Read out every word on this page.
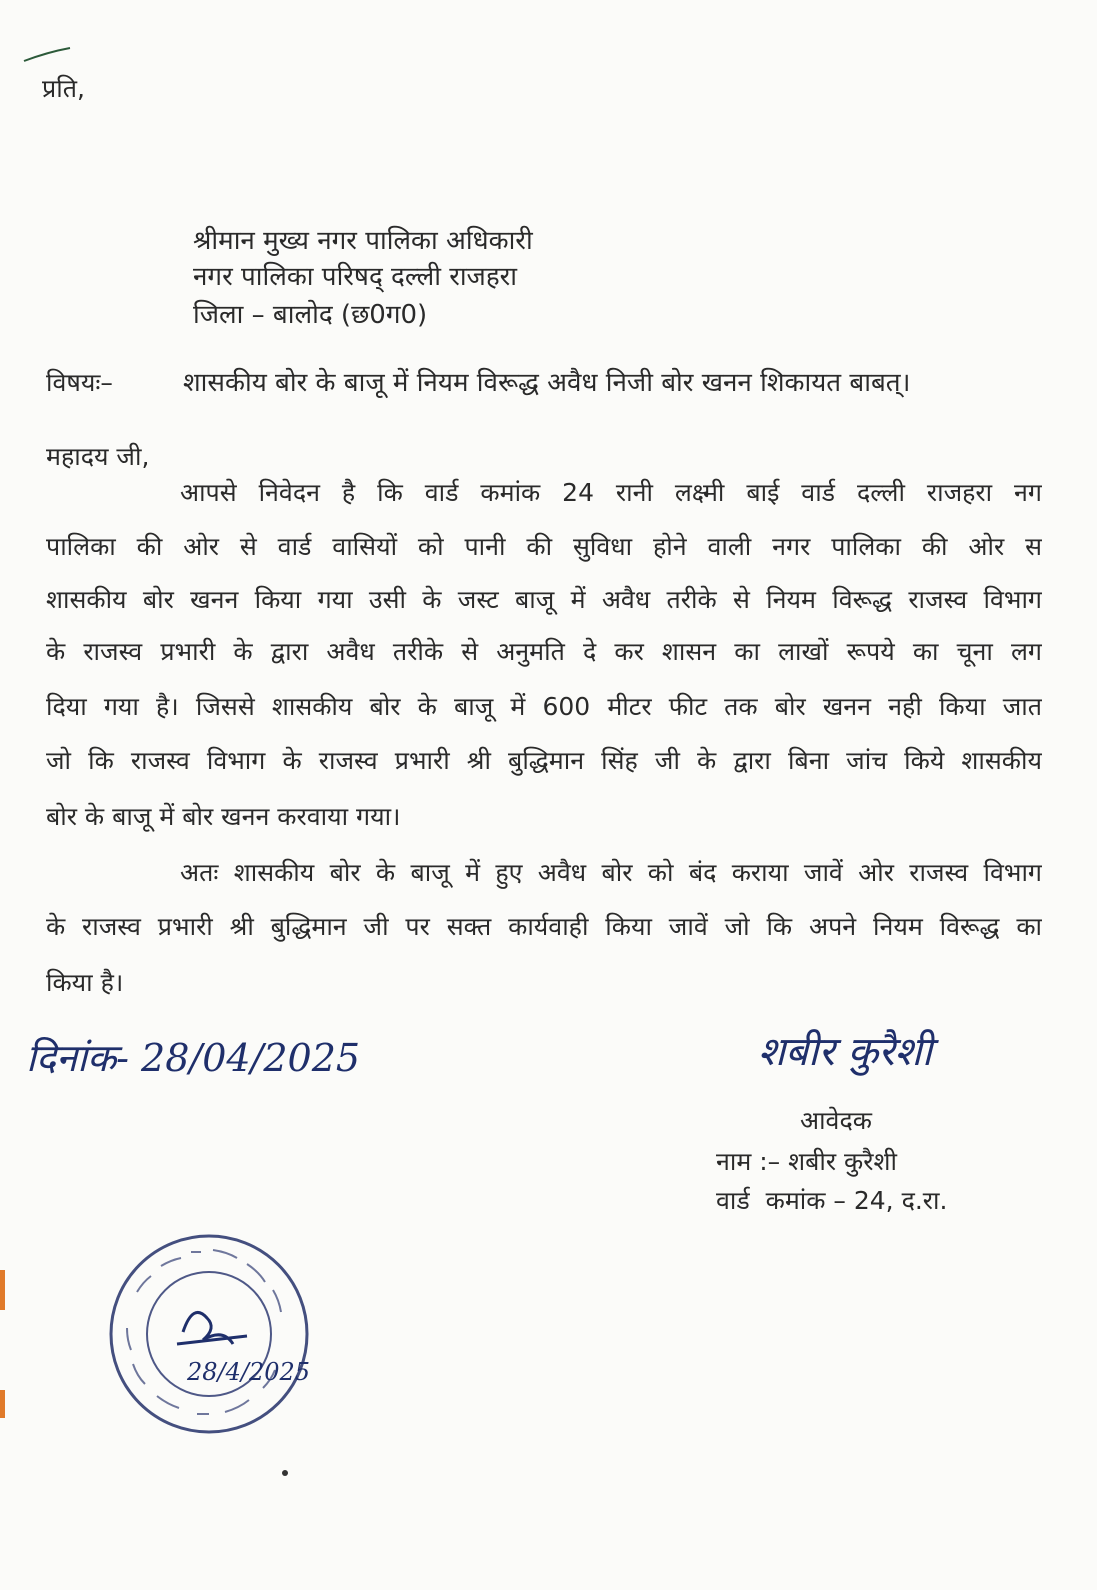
प्रति,
श्रीमान मुख्य नगर पालिका अधिकारी
नगर पालिका परिषद् दल्ली राजहरा
जिला – बालोद (छ0ग0)
विषयः–	शासकीय बोर के बाजू में नियम विरूद्ध अवैध निजी बोर खनन शिकायत बाबत्।
महादय जी,
आपसे निवेदन है कि वार्ड कमांक 24 रानी लक्ष्मी बाई वार्ड दल्ली राजहरा नग
पालिका की ओर से वार्ड वासियों को पानी की सुविधा होने वाली नगर पालिका की ओर स
शासकीय बोर खनन किया गया उसी के जस्ट बाजू में अवैध तरीके से नियम विरूद्ध राजस्व विभाग
के राजस्व प्रभारी के द्वारा अवैध तरीके से अनुमति दे कर शासन का लाखों रूपये का चूना लग
दिया गया है। जिससे शासकीय बोर के बाजू में 600 मीटर फीट तक बोर खनन नही किया जात
जो कि राजस्व विभाग के राजस्व प्रभारी श्री बुद्धिमान सिंह जी के द्वारा बिना जांच किये शासकीय
बोर के बाजू में बोर खनन करवाया गया।
अतः शासकीय बोर के बाजू में हुए अवैध बोर को बंद कराया जावें ओर राजस्व विभाग
के राजस्व प्रभारी श्री बुद्धिमान जी पर सक्त कार्यवाही किया जावें जो कि अपने नियम विरूद्ध का
किया है।
दिनांक- 28/04/2025	शबीर कुरैशी
आवेदक
नाम :– शबीर कुरैशी
वार्ड  कमांक – 24, द.रा.
28/4/2025
